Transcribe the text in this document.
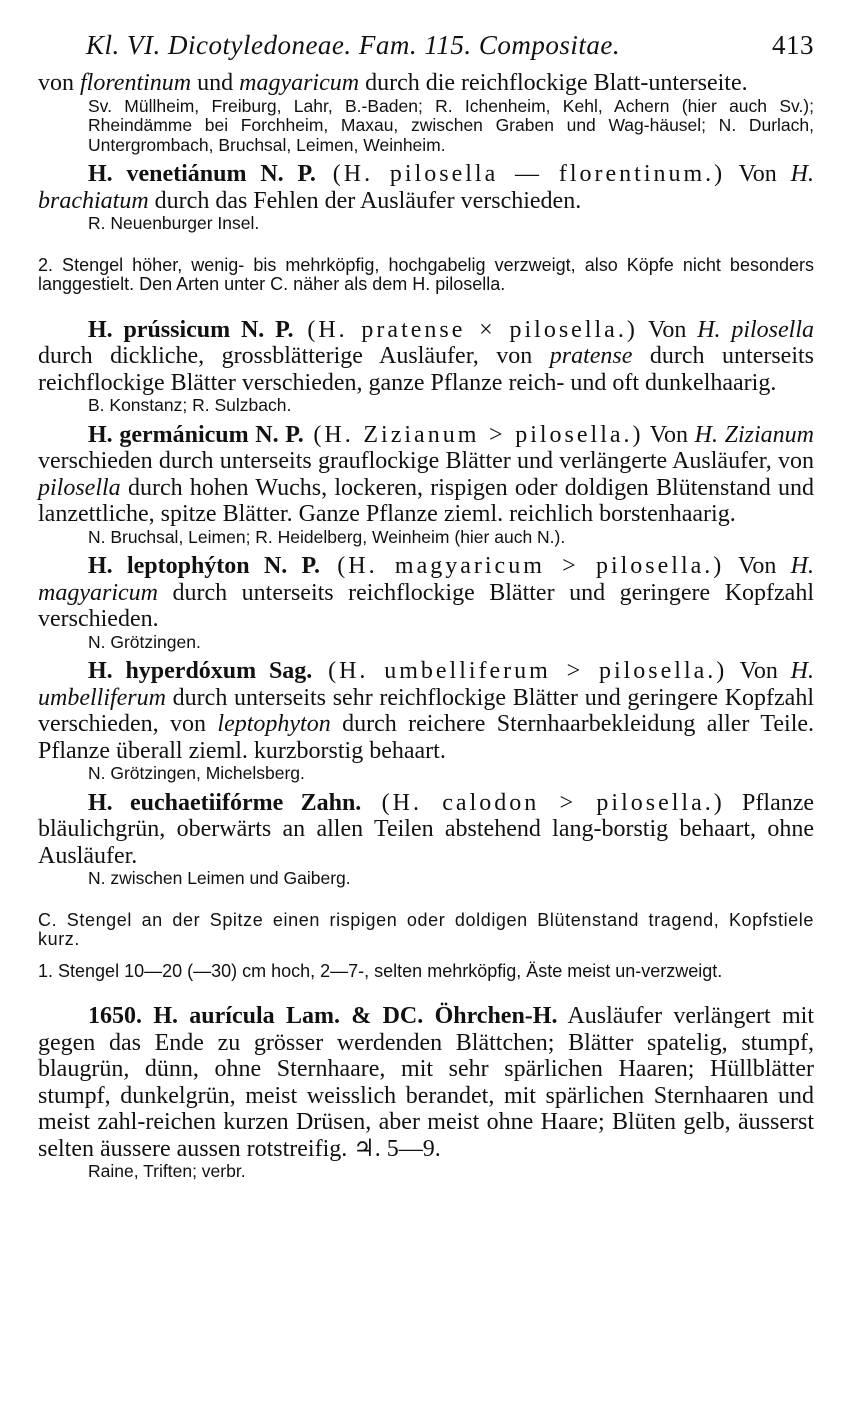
Kl. VI. Dicotyledoneae. Fam. 115. Compositae.	413

von florentinum und magyaricum durch die reichflockige Blatt-unterseite.

Sv. Müllheim, Freiburg, Lahr, B.-Baden; R. Ichenheim, Kehl, Achern (hier auch Sv.); Rheindämme bei Forchheim, Maxau, zwischen Graben und Wag-häusel; N. Durlach, Untergrombach, Bruchsal, Leimen, Weinheim.

H. venetiánum N. P. (H. pilosella — florentinum.) Von H. brachiatum durch das Fehlen der Ausläufer verschieden.

R. Neuenburger Insel.

2. Stengel höher, wenig- bis mehrköpfig, hochgabelig verzweigt, also Köpfe nicht besonders langgestielt. Den Arten unter C. näher als dem H. pilosella.

H. prússicum N. P. (H. pratense × pilosella.) Von H. pilosella durch dickliche, grossblätterige Ausläufer, von pratense durch unterseits reichflockige Blätter verschieden, ganze Pflanze reich- und oft dunkelhaarig.

B. Konstanz; R. Sulzbach.

H. germánicum N. P. (H. Zizianum > pilosella.) Von H. Zizianum verschieden durch unterseits grauflockige Blätter und verlängerte Ausläufer, von pilosella durch hohen Wuchs, lockeren, rispigen oder doldigen Blütenstand und lanzettliche, spitze Blätter. Ganze Pflanze zieml. reichlich borstenhaarig.

N. Bruchsal, Leimen; R. Heidelberg, Weinheim (hier auch N.).

H. leptophýton N. P. (H. magyaricum > pilosella.) Von H. magyaricum durch unterseits reichflockige Blätter und geringere Kopfzahl verschieden.

N. Grötzingen.

H. hyperdóxum Sag. (H. umbelliferum > pilosella.) Von H. umbelliferum durch unterseits sehr reichflockige Blätter und geringere Kopfzahl verschieden, von leptophyton durch reichere Sternhaarbekleidung aller Teile. Pflanze überall zieml. kurzborstig behaart.

N. Grötzingen, Michelsberg.

H. euchaetiifórme Zahn. (H. calodon > pilosella.) Pflanze bläulichgrün, oberwärts an allen Teilen abstehend lang-borstig behaart, ohne Ausläufer.

N. zwischen Leimen und Gaiberg.

C. Stengel an der Spitze einen rispigen oder doldigen Blütenstand tragend, Kopfstiele kurz.

1. Stengel 10—20 (—30) cm hoch, 2—7-, selten mehrköpfig, Äste meist un-verzweigt.

1650. H. aurícula Lam. & DC. Öhrchen-H. Ausläufer verlängert mit gegen das Ende zu grösser werdenden Blättchen; Blätter spatelig, stumpf, blaugrün, dünn, ohne Sternhaare, mit sehr spärlichen Haaren; Hüllblätter stumpf, dunkelgrün, meist weisslich berandet, mit spärlichen Sternhaaren und meist zahl-reichen kurzen Drüsen, aber meist ohne Haare; Blüten gelb, äusserst selten äussere aussen rotstreifig. ♃. 5—9.

Raine, Triften; verbr.
